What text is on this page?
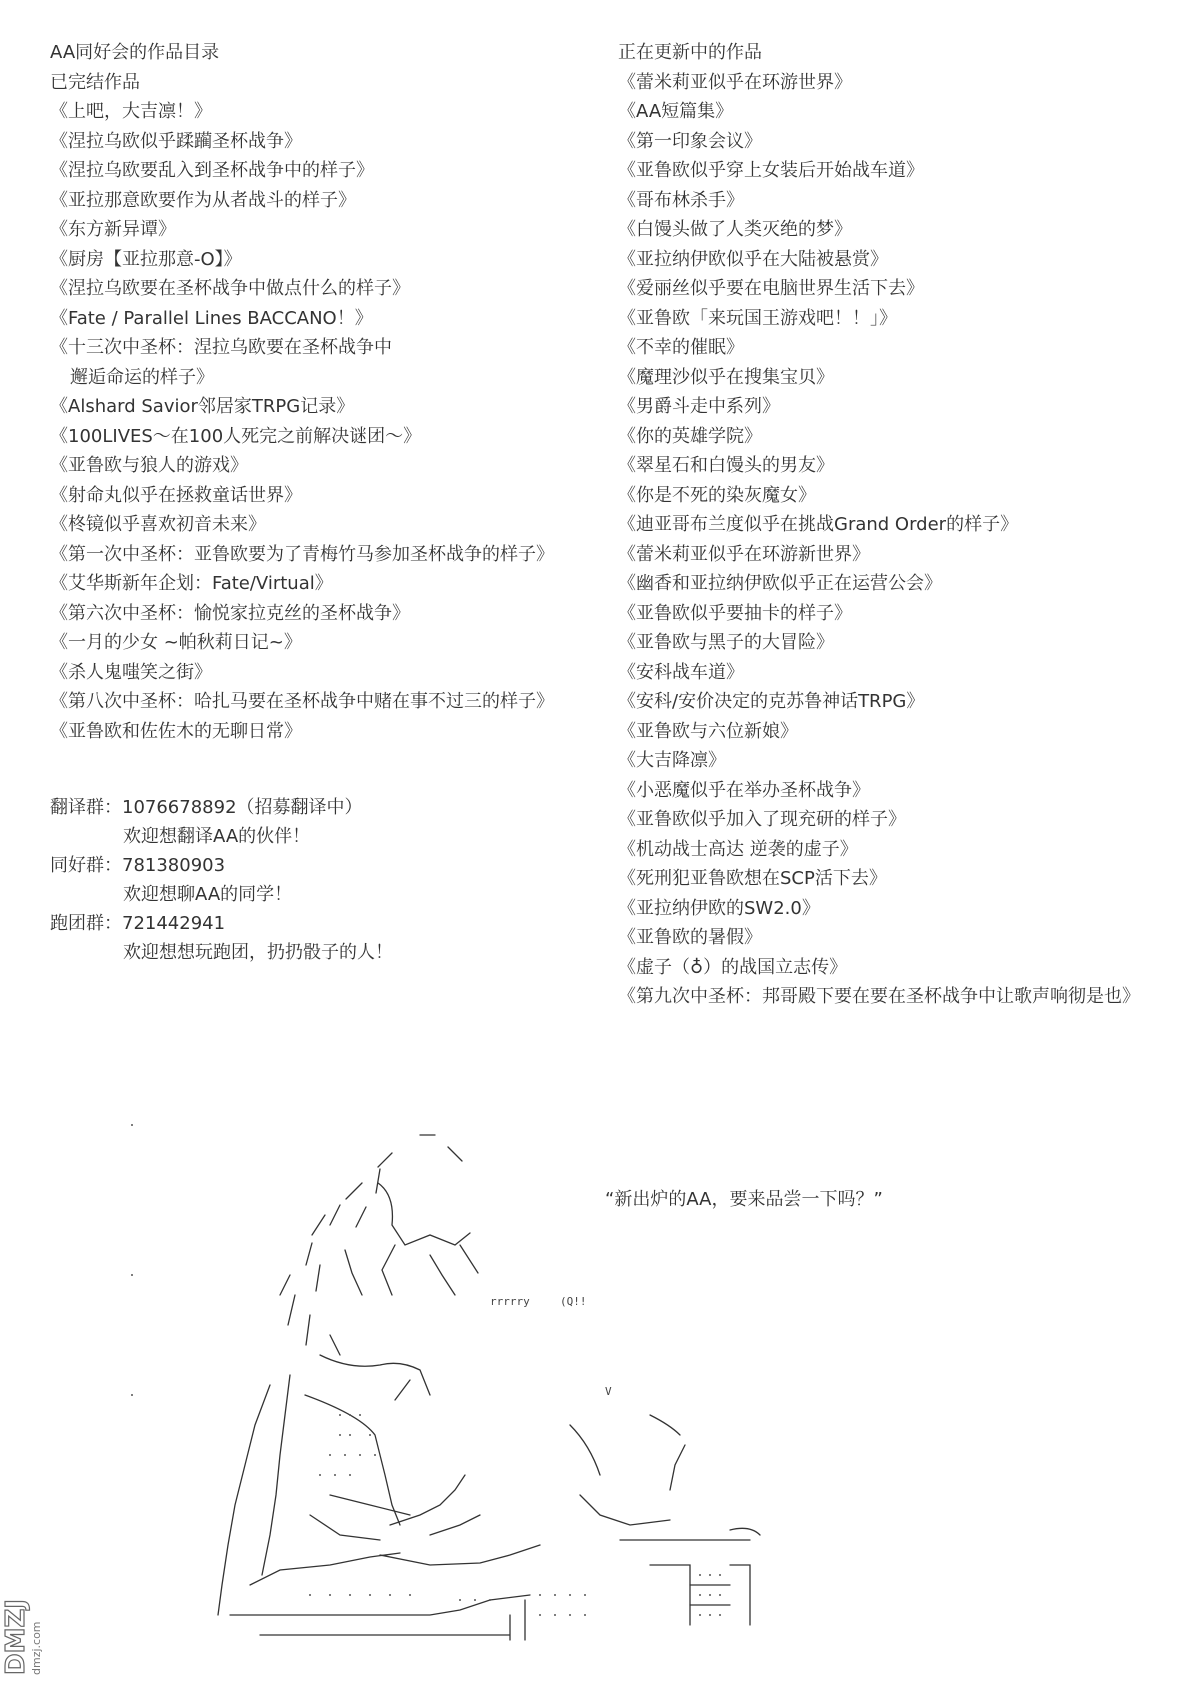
AA同好会的作品目录
已完结作品
《上吧，大吉凛！》
《涅拉乌欧似乎蹂躏圣杯战争》
《涅拉乌欧要乱入到圣杯战争中的样子》
《亚拉那意欧要作为从者战斗的样子》
《东方新异谭》
《厨房【亚拉那意-O】》
《涅拉乌欧要在圣杯战争中做点什么的样子》
《Fate / Parallel Lines BACCANO！》
《十三次中圣杯：涅拉乌欧要在圣杯战争中
邂逅命运的样子》
《Alshard Savior邻居家TRPG记录》
《100LIVES～在100人死完之前解决谜团～》
《亚鲁欧与狼人的游戏》
《射命丸似乎在拯救童话世界》
《柊镜似乎喜欢初音未来》
《第一次中圣杯：亚鲁欧要为了青梅竹马参加圣杯战争的样子》
《艾华斯新年企划：Fate/Virtual》
《第六次中圣杯：愉悦家拉克丝的圣杯战争》
《一月的少女 ~帕秋莉日记~》
《杀人鬼嗤笑之街》
《第八次中圣杯：哈扎马要在圣杯战争中赌在事不过三的样子》
《亚鲁欧和佐佐木的无聊日常》
翻译群：1076678892（招募翻译中）
欢迎想翻译AA的伙伴！
同好群：781380903
欢迎想聊AA的同学！
跑团群：721442941
欢迎想想玩跑团，扔扔骰子的人！
正在更新中的作品
《蕾米莉亚似乎在环游世界》
《AA短篇集》
《第一印象会议》
《亚鲁欧似乎穿上女装后开始战车道》
《哥布林杀手》
《白馒头做了人类灭绝的梦》
《亚拉纳伊欧似乎在大陆被悬赏》
《爱丽丝似乎要在电脑世界生活下去》
《亚鲁欧「来玩国王游戏吧！！」》
《不幸的催眠》
《魔理沙似乎在搜集宝贝》
《男爵斗走中系列》
《你的英雄学院》
《翠星石和白馒头的男友》
《你是不死的染灰魔女》
《迪亚哥布兰度似乎在挑战Grand Order的样子》
《蕾米莉亚似乎在环游新世界》
《幽香和亚拉纳伊欧似乎正在运营公会》
《亚鲁欧似乎要抽卡的样子》
《亚鲁欧与黑子的大冒险》
《安科战车道》
《安科/安价决定的克苏鲁神话TRPG》
《亚鲁欧与六位新娘》
《大吉降凛》
《小恶魔似乎在举办圣杯战争》
《亚鲁欧似乎加入了现充研的样子》
《机动战士高达 逆袭的虚子》
《死刑犯亚鲁欧想在SCP活下去》
《亚拉纳伊欧的SW2.0》
《亚鲁欧的暑假》
《虚子（♁）的战国立志传》
《第九次中圣杯：邦哥殿下要在要在圣杯战争中让歌声响彻是也》
rrrrry	(Q!!
V
“新出炉的AA，要来品尝一下吗？”
DMZJ dmzj.com
